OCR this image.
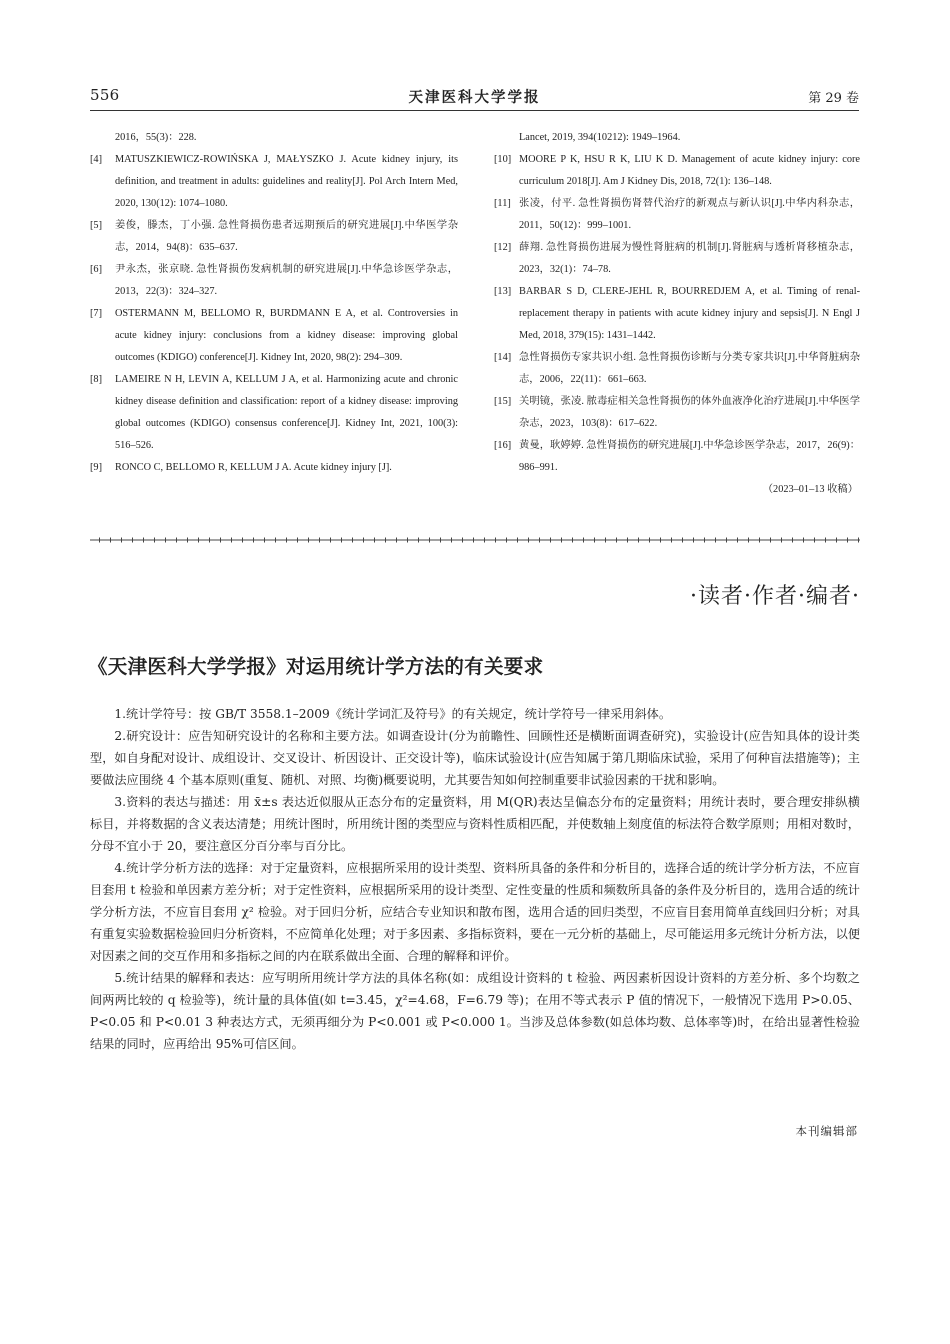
556	天津医科大学学报	第 29 卷

2016，55(3)：228.

[4] MATUSZKIEWICZ-ROWIŃSKA J, MAŁYSZKO J. Acute kidney injury, its definition, and treatment in adults: guidelines and reality[J]. Pol Arch Intern Med, 2020, 130(12): 1074–1080.

[5] 姜俊，滕杰，丁小强. 急性肾损伤患者远期预后的研究进展[J].中华医学杂志，2014，94(8)：635–637.

[6] 尹永杰，张京晓. 急性肾损伤发病机制的研究进展[J].中华急诊医学杂志，2013，22(3)：324–327.

[7] OSTERMANN M, BELLOMO R, BURDMANN E A, et al. Controversies in acute kidney injury: conclusions from a kidney disease: improving global outcomes (KDIGO) conference[J]. Kidney Int, 2020, 98(2): 294–309.

[8] LAMEIRE N H, LEVIN A, KELLUM J A, et al. Harmonizing acute and chronic kidney disease definition and classification: report of a kidney disease: improving global outcomes (KDIGO) consensus conference[J]. Kidney Int, 2021, 100(3): 516–526.

[9] RONCO C, BELLOMO R, KELLUM J A. Acute kidney injury [J].

Lancet, 2019, 394(10212): 1949–1964.

[10] MOORE P K, HSU R K, LIU K D. Management of acute kidney injury: core curriculum 2018[J]. Am J Kidney Dis, 2018, 72(1): 136–148.

[11] 张凌，付平. 急性肾损伤肾替代治疗的新观点与新认识[J].中华内科杂志，2011，50(12)：999–1001.

[12] 薛翔. 急性肾损伤进展为慢性肾脏病的机制[J].肾脏病与透析肾移植杂志，2023，32(1)：74–78.

[13] BARBAR S D, CLERE-JEHL R, BOURREDJEM A, et al. Timing of renal-replacement therapy in patients with acute kidney injury and sepsis[J]. N Engl J Med, 2018, 379(15): 1431–1442.

[14] 急性肾损伤专家共识小组. 急性肾损伤诊断与分类专家共识[J].中华肾脏病杂志，2006，22(11)：661–663.

[15] 关明镜，张凌. 脓毒症相关急性肾损伤的体外血液净化治疗进展[J].中华医学杂志，2023，103(8)：617–622.

[16] 黄曼，耿婷婷. 急性肾损伤的研究进展[J].中华急诊医学杂志，2017，26(9)：986–991.

（2023–01–13 收稿）

·读者·作者·编者·
《天津医科大学学报》对运用统计学方法的有关要求

1.统计学符号：按 GB/T 3558.1–2009《统计学词汇及符号》的有关规定，统计学符号一律采用斜体。

2.研究设计：应告知研究设计的名称和主要方法。如调查设计(分为前瞻性、回顾性还是横断面调查研究)，实验设计(应告知具体的设计类型，如自身配对设计、成组设计、交叉设计、析因设计、正交设计等)，临床试验设计(应告知属于第几期临床试验，采用了何种盲法措施等)；主要做法应围绕 4 个基本原则(重复、随机、对照、均衡)概要说明，尤其要告知如何控制重要非试验因素的干扰和影响。

3.资料的表达与描述：用 x̄±s 表达近似服从正态分布的定量资料，用 M(QR)表达呈偏态分布的定量资料；用统计表时，要合理安排纵横标目，并将数据的含义表达清楚；用统计图时，所用统计图的类型应与资料性质相匹配，并使数轴上刻度值的标法符合数学原则；用相对数时，分母不宜小于 20，要注意区分百分率与百分比。

4.统计学分析方法的选择：对于定量资料，应根据所采用的设计类型、资料所具备的条件和分析目的，选择合适的统计学分析方法，不应盲目套用 t 检验和单因素方差分析；对于定性资料，应根据所采用的设计类型、定性变量的性质和频数所具备的条件及分析目的，选用合适的统计学分析方法，不应盲目套用 χ² 检验。对于回归分析，应结合专业知识和散布图，选用合适的回归类型，不应盲目套用简单直线回归分析；对具有重复实验数据检验回归分析资料，不应简单化处理；对于多因素、多指标资料，要在一元分析的基础上，尽可能运用多元统计分析方法，以便对因素之间的交互作用和多指标之间的内在联系做出全面、合理的解释和评价。

5.统计结果的解释和表达：应写明所用统计学方法的具体名称(如：成组设计资料的 t 检验、两因素析因设计资料的方差分析、多个均数之间两两比较的 q 检验等)，统计量的具体值(如 t=3.45，χ²=4.68，F=6.79 等)；在用不等式表示 P 值的情况下，一般情况下选用 P>0.05、P<0.05 和 P<0.01 3 种表达方式，无须再细分为 P<0.001 或 P<0.000 1。当涉及总体参数(如总体均数、总体率等)时，在给出显著性检验结果的同时，应再给出 95%可信区间。

本刊编辑部
